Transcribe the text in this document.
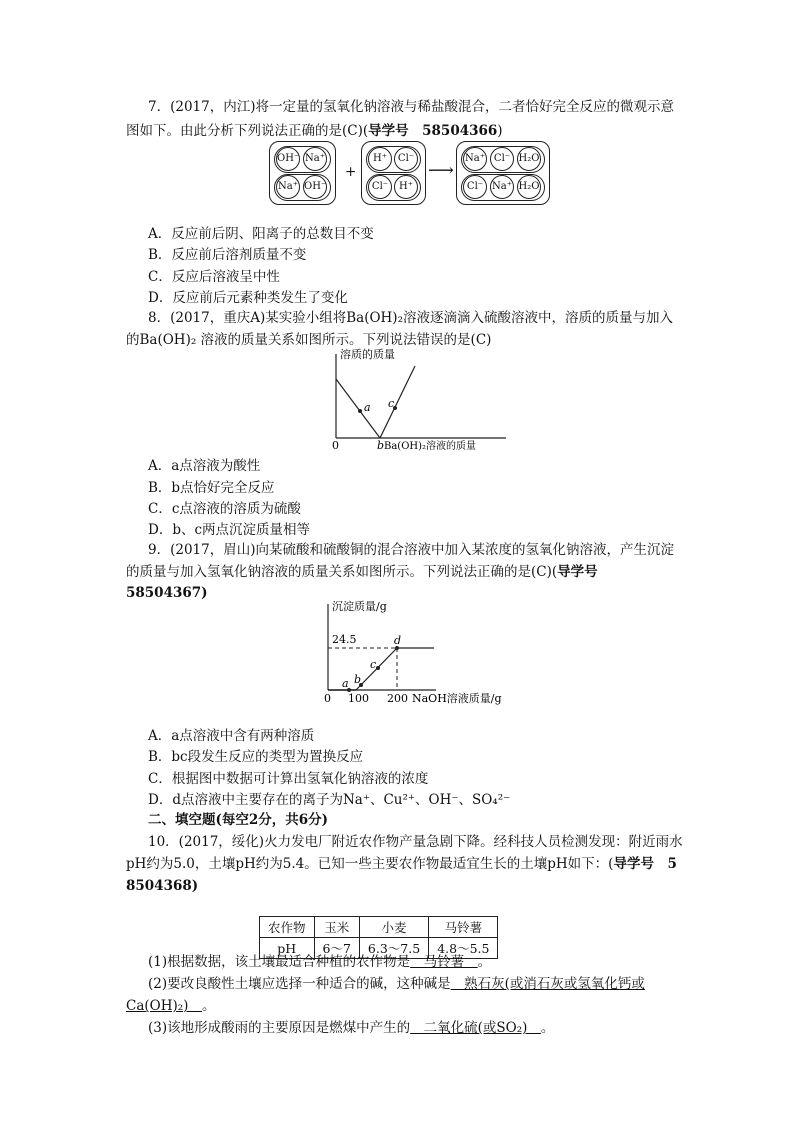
7．(2017，内江)将一定量的氢氧化钠溶液与稀盐酸混合，二者恰好完全反应的微观示意
图如下。由此分析下列说法正确的是(C)(导学号　58504366)
OH⁻ Na⁺
Na⁺ OH⁻
+
H⁺	Cl⁻
Cl⁻	H⁺
⟶
Na⁺ Cl⁻ H₂O
Cl⁻ Na⁺ H₂O
A．反应前后阴、阳离子的总数目不变
B．反应前后溶剂质量不变
C．反应后溶液呈中性
D．反应前后元素种类发生了变化
8．(2017，重庆A)某实验小组将Ba(OH)₂溶液逐滴滴入硫酸溶液中，溶质的质量与加入
的Ba(OH)₂ 溶液的质量关系如图所示。下列说法错误的是(C)
溶质的质量
0	Ba(OH)₂溶液的质量
a
b
c
A．a点溶液为酸性
B．b点恰好完全反应
C．c点溶液的溶质为硫酸
D．b、c两点沉淀质量相等
9．(2017，眉山)向某硫酸和硫酸铜的混合溶液中加入某浓度的氢氧化钠溶液，产生沉淀
的质量与加入氢氧化钠溶液的质量关系如图所示。下列说法正确的是(C)(导学号
58504367)
沉淀质量/g
24.5
a b
c
d
0 100 200 NaOH溶液质量/g
A．a点溶液中含有两种溶质
B．bc段发生反应的类型为置换反应
C．根据图中数据可计算出氢氧化钠溶液的浓度
D．d点溶液中主要存在的离子为Na⁺、Cu²⁺、OH⁻、SO₄²⁻
二、填空题(每空2分，共6分)
10．(2017，绥化)火力发电厂附近农作物产量急剧下降。经科技人员检测发现：附近雨水
pH约为5.0，土壤pH约为5.4。已知一些主要农作物最适宜生长的土壤pH如下：(导学号　5
8504368)
农作物	玉米	小麦	马铃薯
pH	6～7	6.3～7.5	4.8～5.5
(1)根据数据，该土壤最适合种植的农作物是　马铃薯　。
(2)要改良酸性土壤应选择一种适合的碱，这种碱是　熟石灰(或消石灰或氢氧化钙或
Ca(OH)₂)　。
(3)该地形成酸雨的主要原因是燃煤中产生的　二氧化硫(或SO₂)　。
